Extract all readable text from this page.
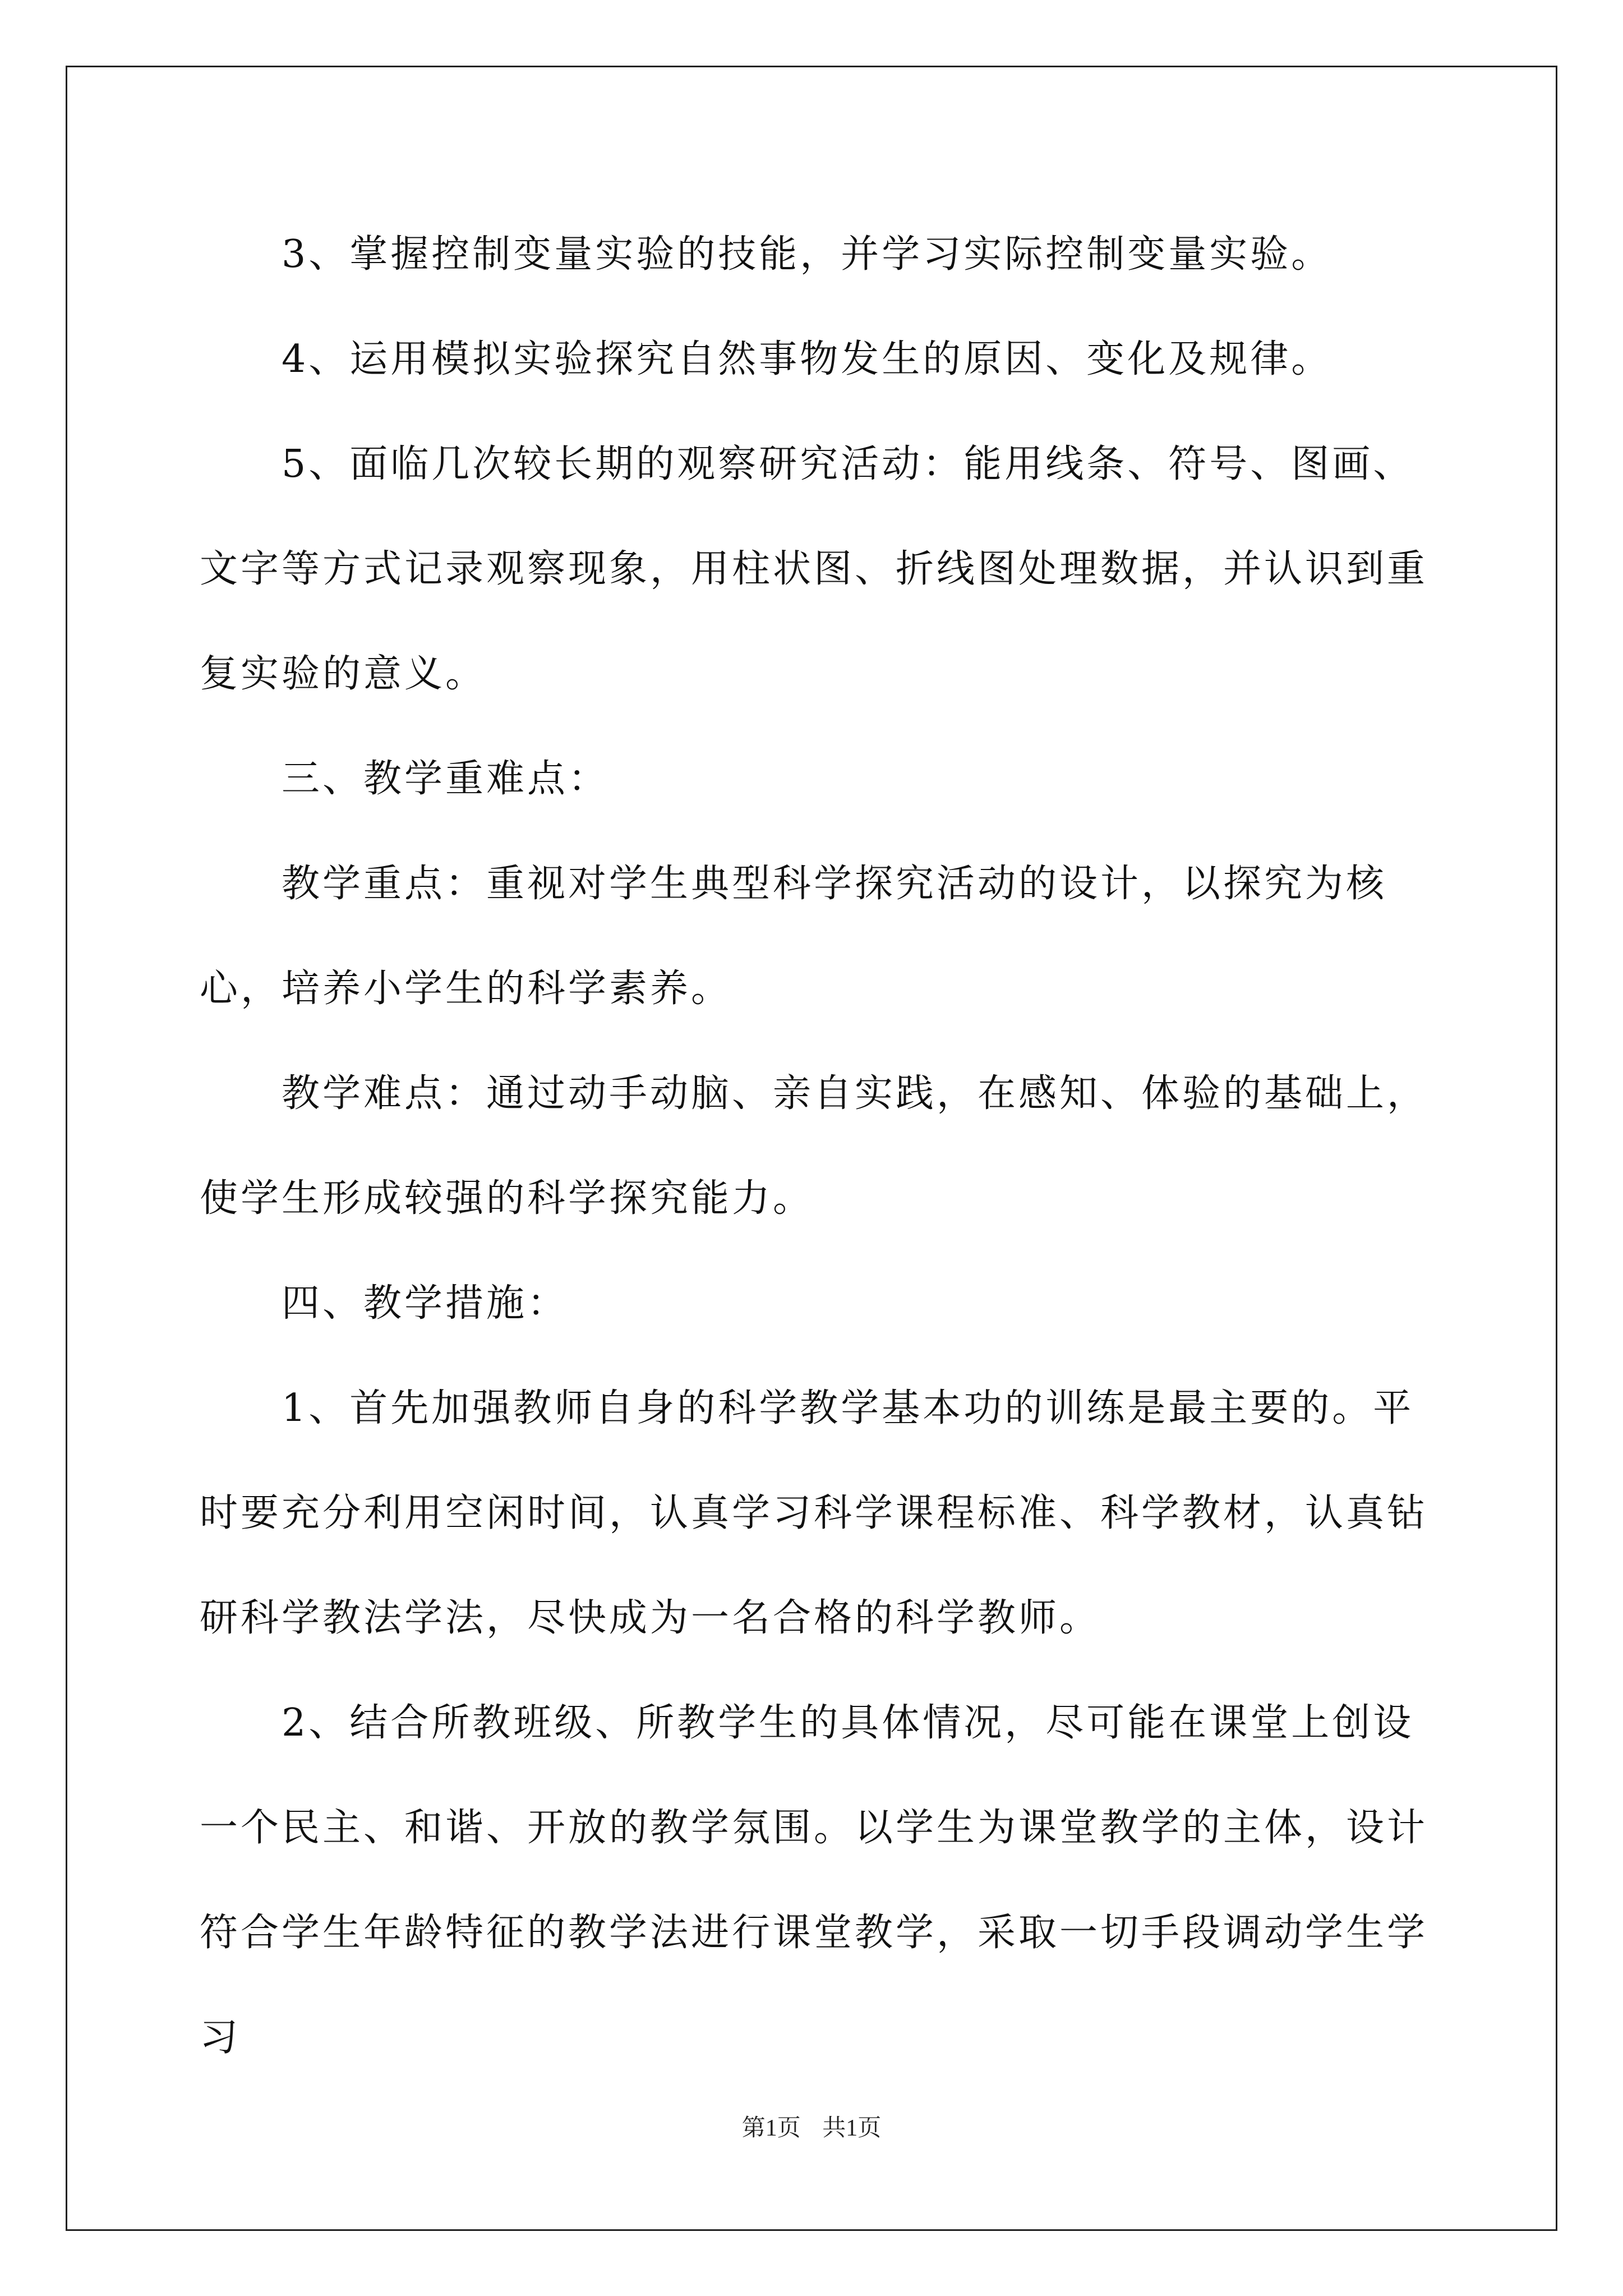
3、掌握控制变量实验的技能，并学习实际控制变量实验。

4、运用模拟实验探究自然事物发生的原因、变化及规律。

5、面临几次较长期的观察研究活动：能用线条、符号、图画、文字等方式记录观察现象，用柱状图、折线图处理数据，并认识到重复实验的意义。

三、教学重难点：

教学重点：重视对学生典型科学探究活动的设计，以探究为核心，培养小学生的科学素养。

教学难点：通过动手动脑、亲自实践，在感知、体验的基础上，使学生形成较强的科学探究能力。

四、教学措施：

1、首先加强教师自身的科学教学基本功的训练是最主要的。平时要充分利用空闲时间，认真学习科学课程标准、科学教材，认真钻研科学教法学法，尽快成为一名合格的科学教师。

2、结合所教班级、所教学生的具体情况，尽可能在课堂上创设一个民主、和谐、开放的教学氛围。以学生为课堂教学的主体，设计符合学生年龄特征的教学法进行课堂教学，采取一切手段调动学生学习

第1页 共1页
